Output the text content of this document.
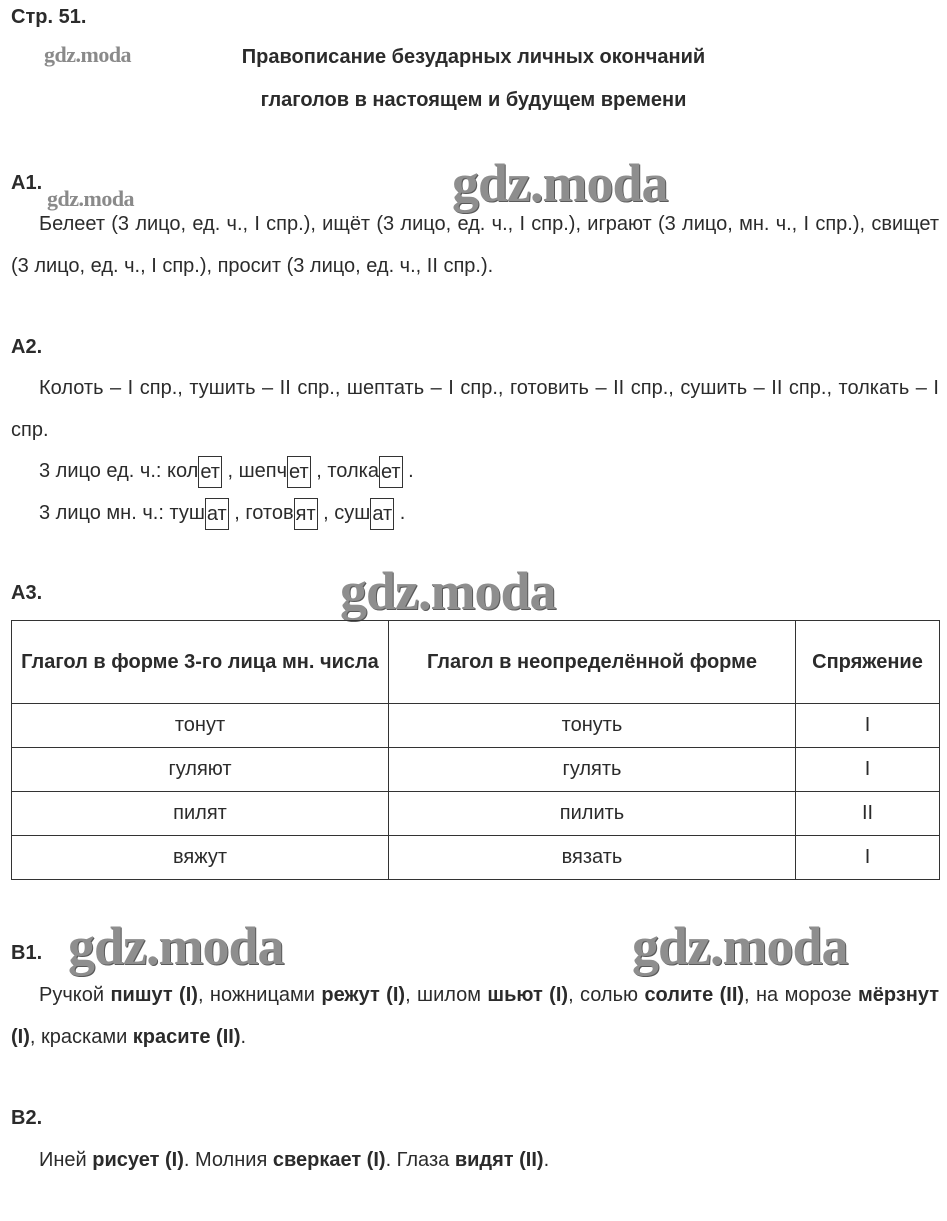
Стр. 51.
gdz.moda
gdz.moda	gdz.moda
gdz.moda
gdz.moda	gdz.moda
Правописание безударных личных окончаний
глаголов в настоящем и будущем времени
А1.
Белеет (3 лицо, ед. ч., I спр.), ищёт (3 лицо, ед. ч., I спр.), играют (3 лицо, мн. ч., I спр.), свищет (3 лицо, ед. ч., I спр.), просит (3 лицо, ед. ч., II спр.).
А2.
Колоть – I спр., тушить – II спр., шептать – I спр., готовить – II спр., сушить – II спр., толкать – I спр.
3 лицо ед. ч.: кол ет , шепч ет , толка ет .
3 лицо мн. ч.: туш ат , готов ят , суш ат .
А3.
Глагол в форме 3-го лица мн. числа	Глагол в неопределённой форме	Спряжение
тонут	тонуть	I
гуляют	гулять	I
пилят	пилить	II
вяжут	вязать	I
В1.
Ручкой пишут (I), ножницами режут (I), шилом шьют (I), солью солите (II), на морозе мёрзнут (I), красками красите (II).
В2.
Иней рисует (I). Молния сверкает (I). Глаза видят (II).
